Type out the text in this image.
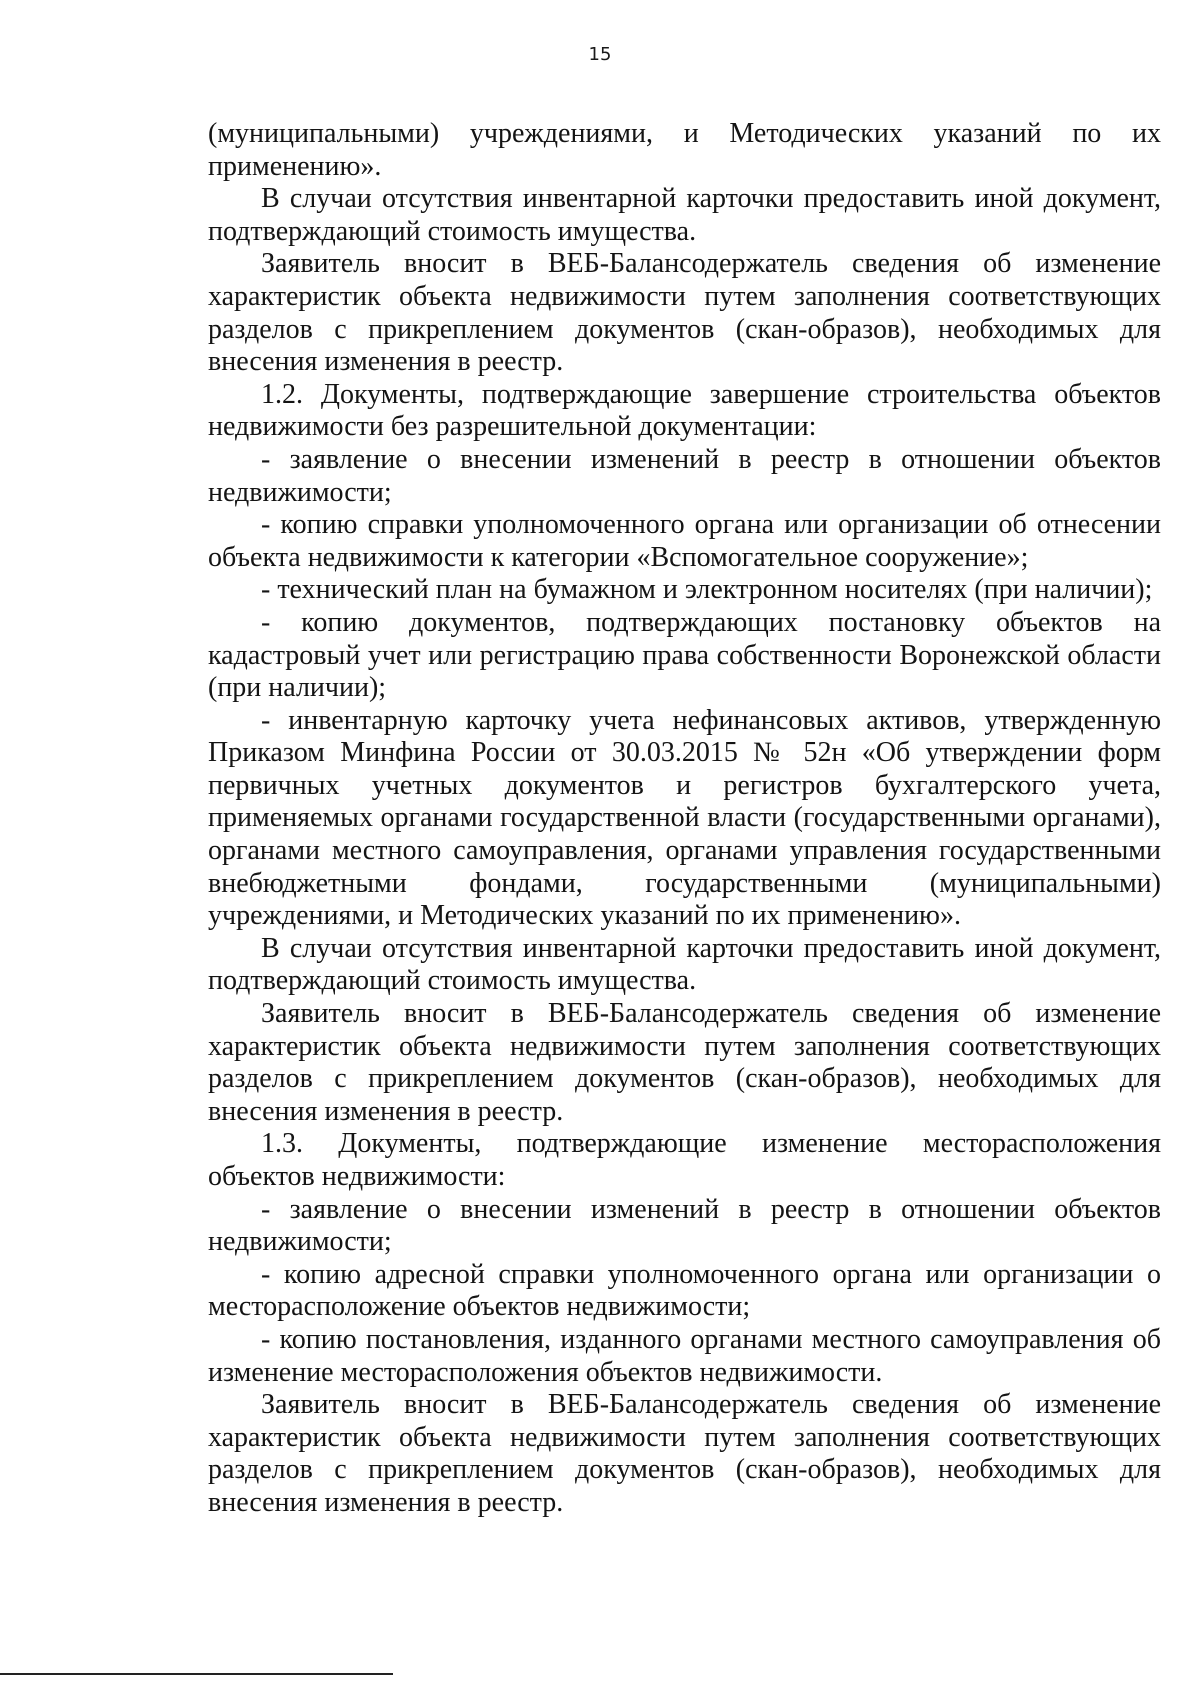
15

(муниципальными) учреждениями, и Методических указаний по их применению».

В случаи отсутствия инвентарной карточки предоставить иной документ, подтверждающий стоимость имущества.

Заявитель вносит в ВЕБ-Балансодержатель сведения об изменение характеристик объекта недвижимости путем заполнения соответствующих разделов с прикреплением документов (скан-образов), необходимых для внесения изменения в реестр.

1.2. Документы, подтверждающие завершение строительства объектов недвижимости без разрешительной документации:

- заявление о внесении изменений в реестр в отношении объектов недвижимости;

- копию справки уполномоченного органа или организации об отнесении объекта недвижимости к категории «Вспомогательное сооружение»;

- технический план на бумажном и электронном носителях (при наличии);

- копию документов, подтверждающих постановку объектов на кадастровый учет или регистрацию права собственности Воронежской области (при наличии);

- инвентарную карточку учета нефинансовых активов, утвержденную Приказом Минфина России от 30.03.2015 № 52н «Об утверждении форм первичных учетных документов и регистров бухгалтерского учета, применяемых органами государственной власти (государственными органами), органами местного самоуправления, органами управления государственными внебюджетными фондами, государственными (муниципальными) учреждениями, и Методических указаний по их применению».

В случаи отсутствия инвентарной карточки предоставить иной документ, подтверждающий стоимость имущества.

Заявитель вносит в ВЕБ-Балансодержатель сведения об изменение характеристик объекта недвижимости путем заполнения соответствующих разделов с прикреплением документов (скан-образов), необходимых для внесения изменения в реестр.

1.3. Документы, подтверждающие изменение месторасположения объектов недвижимости:

- заявление о внесении изменений в реестр в отношении объектов недвижимости;

- копию адресной справки уполномоченного органа или организации о месторасположение объектов недвижимости;

- копию постановления, изданного органами местного самоуправления об изменение месторасположения объектов недвижимости.

Заявитель вносит в ВЕБ-Балансодержатель сведения об изменение характеристик объекта недвижимости путем заполнения соответствующих разделов с прикреплением документов (скан-образов), необходимых для внесения изменения в реестр.
